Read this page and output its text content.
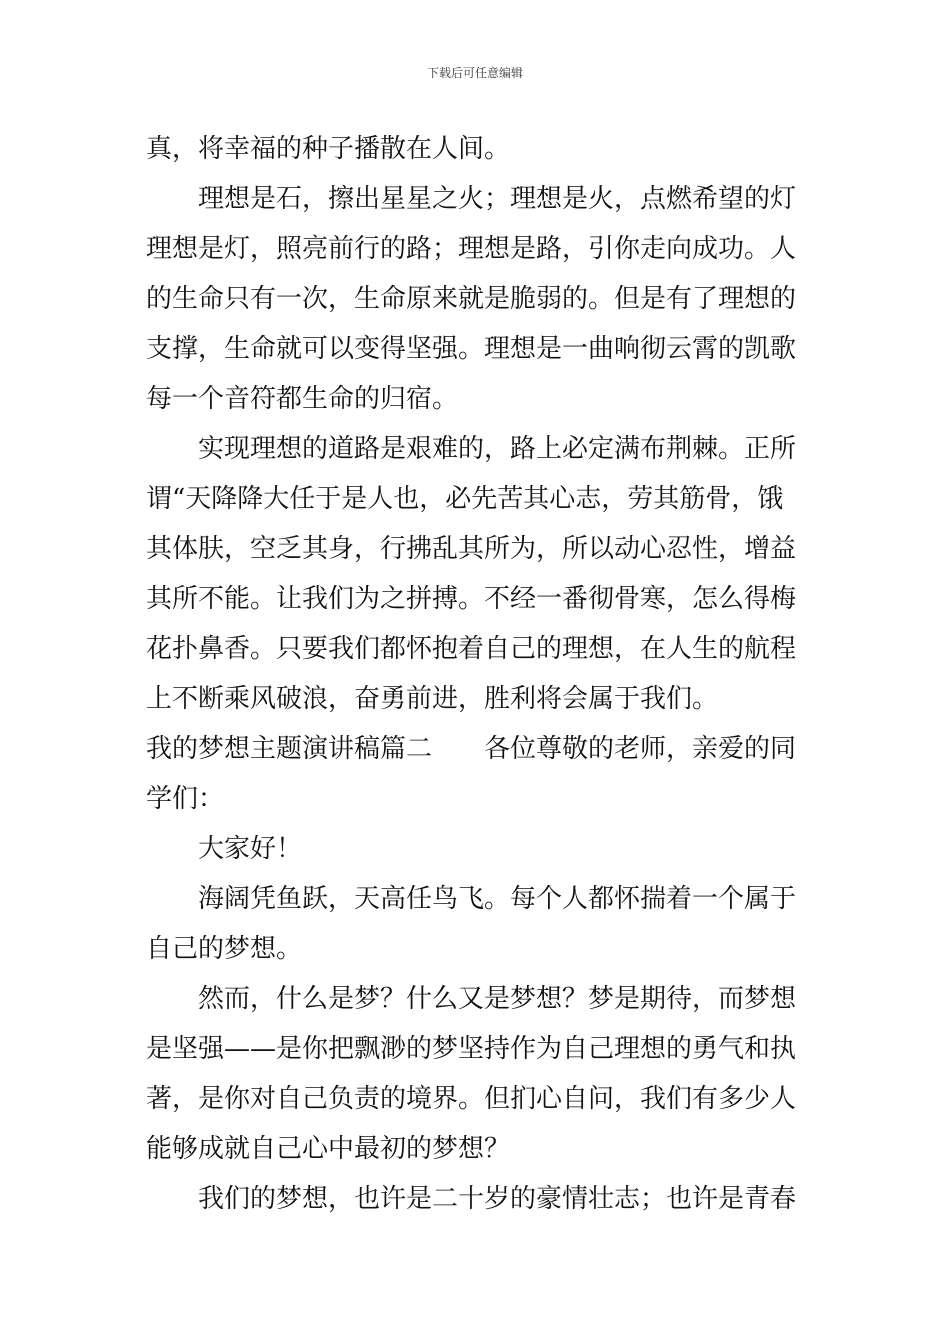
下载后可任意编辑
真，将幸福的种子播散在人间。
理想是石，擦出星星之火；理想是火，点燃希望的灯
理想是灯，照亮前行的路；理想是路，引你走向成功。人
的生命只有一次，生命原来就是脆弱的。但是有了理想的
支撑，生命就可以变得坚强。理想是一曲响彻云霄的凯歌
每一个音符都生命的归宿。
实现理想的道路是艰难的，路上必定满布荆棘。正所
谓“天降降大任于是人也，必先苦其心志，劳其筋骨，饿
其体肤，空乏其身，行拂乱其所为，所以动心忍性，增益
其所不能。让我们为之拼搏。不经一番彻骨寒，怎么得梅
花扑鼻香。只要我们都怀抱着自己的理想，在人生的航程
上不断乘风破浪，奋勇前进，胜利将会属于我们。
我的梦想主题演讲稿篇二　　各位尊敬的老师，亲爱的同
学们：
大家好！
海阔凭鱼跃，天高任鸟飞。每个人都怀揣着一个属于
自己的梦想。
然而，什么是梦？什么又是梦想？梦是期待，而梦想
是坚强——是你把飘渺的梦坚持作为自己理想的勇气和执
著，是你对自己负责的境界。但扪心自问，我们有多少人
能够成就自己心中最初的梦想？
我们的梦想，也许是二十岁的豪情壮志；也许是青春
